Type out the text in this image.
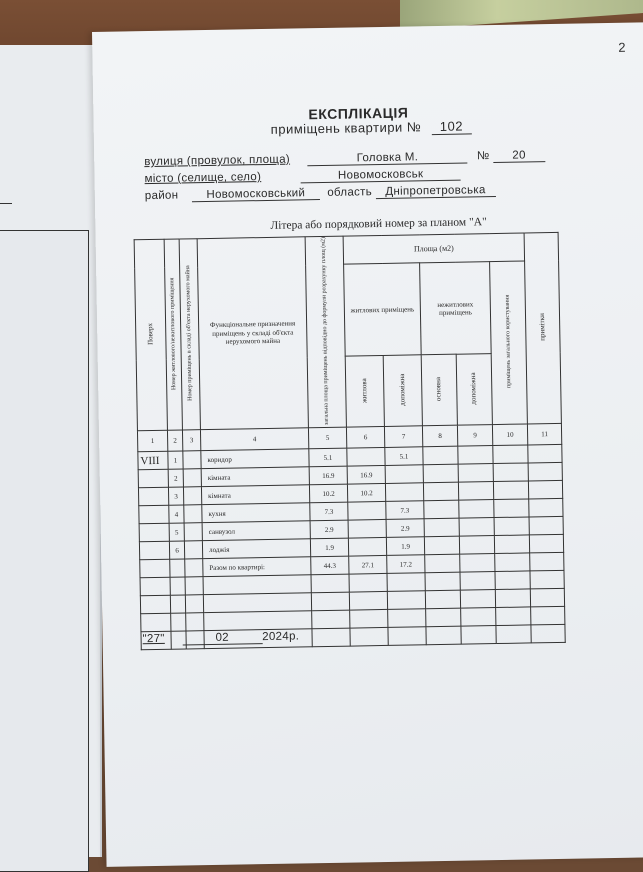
2
ЕКСПЛІКАЦІЯ
приміщень квартири № 102
вулиця (провулок, площа)	Головка М.	№ 20
місто (селище, село)	Новомосковськ
район Новомосковський область Дніпропетровська
Літера або порядковий номер за планом "А"
Поверх	Номер житлового/нежитлового приміщення	Номер приміщень в складі об'єкта нерухомого майна	Функціональне призначення приміщень у складі об'єкта нерухомого майна	загальна площа приміщень відповідно до формули розрахунку площ (м2)	Площа (м2)					примітки
					житлових приміщень		нежитлових приміщень		приміщень загального користування	
					житлова	допоміжна	основна	допоміжна		
1	2	3	4	5	6	7	8	9	10	11
VIII	1		коридор	5.1		5.1				
	2		кімната	16.9	16.9					
	3		кімната	10.2	10.2					
	4		кухня	7.3		7.3				
	5		санвузол	2.9		2.9				
	6		лоджія	1.9		1.9				
			Разом по квартирі:	44.3	27.1	17.2				

"27"	02	2024р.
